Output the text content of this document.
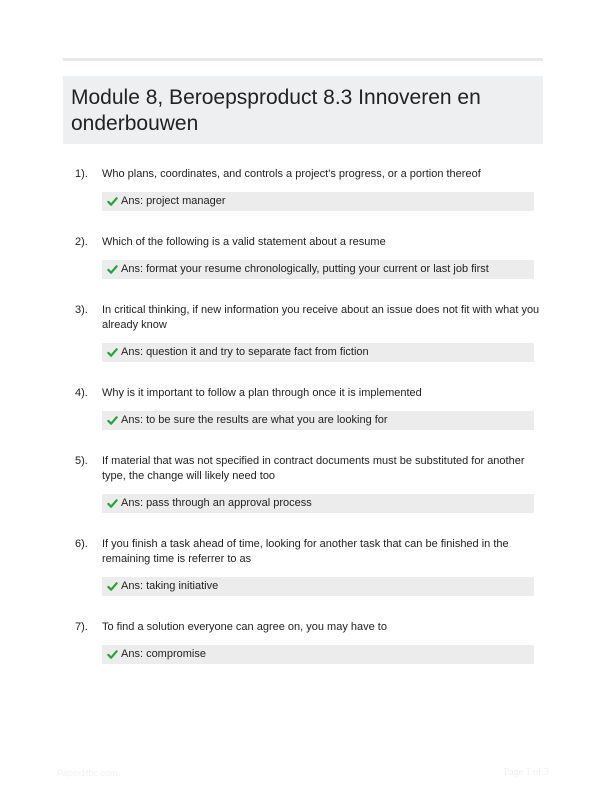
Module 8, Beroepsproduct 8.3 Innoveren en onderbouwen
1). Who plans, coordinates, and controls a project's progress, or a portion thereof
Ans: project manager
2). Which of the following is a valid statement about a resume
Ans: format your resume chronologically, putting your current or last job first
3). In critical thinking, if new information you receive about an issue does not fit with what you already know
Ans: question it and try to separate fact from fiction
4). Why is it important to follow a plan through once it is implemented
Ans: to be sure the results are what you are looking for
5). If material that was not specified in contract documents must be substituted for another type, the change will likely need too
Ans: pass through an approval process
6). If you finish a task ahead of time, looking for another task that can be finished in the remaining time is referrer to as
Ans: taking initiative
7). To find a solution everyone can agree on, you may have to
Ans: compromise
Paper1tbc.com	Page 1 of 3
